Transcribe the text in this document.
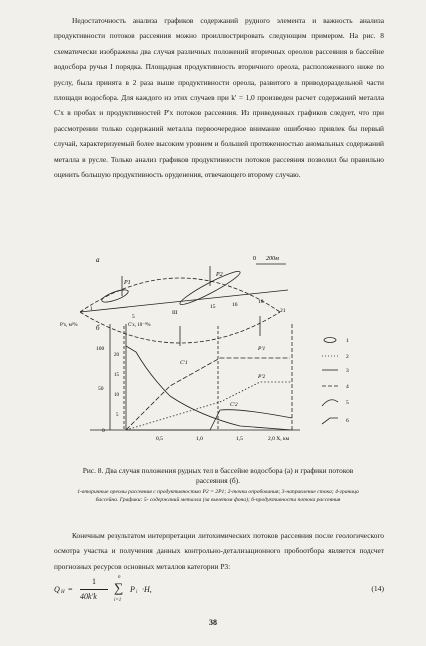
Недостаточность анализа графиков содержаний рудного элемента и важность анализа продуктивности потоков рассеяния можно проиллюстрировать следующим примером. На рис. 8 схематически изображены два случая различных положений вторичных ореолов рассеяния в бассейне водосбора ручья I порядка. Площадная продуктивность вторичного ореола, расположенного ниже по руслу, была принята в 2 раза выше продуктивности ореола, развитого в приводораздельной части площади водосбора. Для каждого из этих случаев при k' = 1,0 произведен расчет содержаний металла C'x в пробах и продуктивностей P'x потоков рассеяния. Из приведенных графиков следует, что при рассмотрении только содержаний металла первоочередное внимание ошибочно привлек бы первый случай, характеризуемый более высоким уровнем и большей протяженностью аномальных содержаний металла в русле. Только анализ графиков продуктивности потоков рассеяния позволил бы правильно оценить большую продуктивность оруденения, отвечающего второму случаю.

а	0 200м
P1
P2
1
5
III
15	16	18
21
б
P'x, м²%	C'x, 10⁻³%
100
50
0
20
15
10
5
0,5	1,0	1,5	2,0 X, км
C'1
C'2
P'1
P'2
1
2
3
4
5
6

Рис. 8. Два случая положения рудных тел в бассейне водосбора (а) и графики потоков рассеяния (б).

1-вторичные ореолы рассеяния с продуктивностью P2 = 2P1; 2-точки опробования; 3-направление стока; 4-граница бассейна. Графики: 5- содержаний металла (за вычетом фона); 6-продуктивности потока рассеяния

Конечным результатом интерпретации литохимических потоков рассеяния после геологического осмотра участка и получения данных контрольно-детализационного пробоотбора является подсчет прогнозных ресурсов основных металлов категории P3:

Q H =
1
40k'k
n
∑
i=1
P i ·H,	(14)
38
